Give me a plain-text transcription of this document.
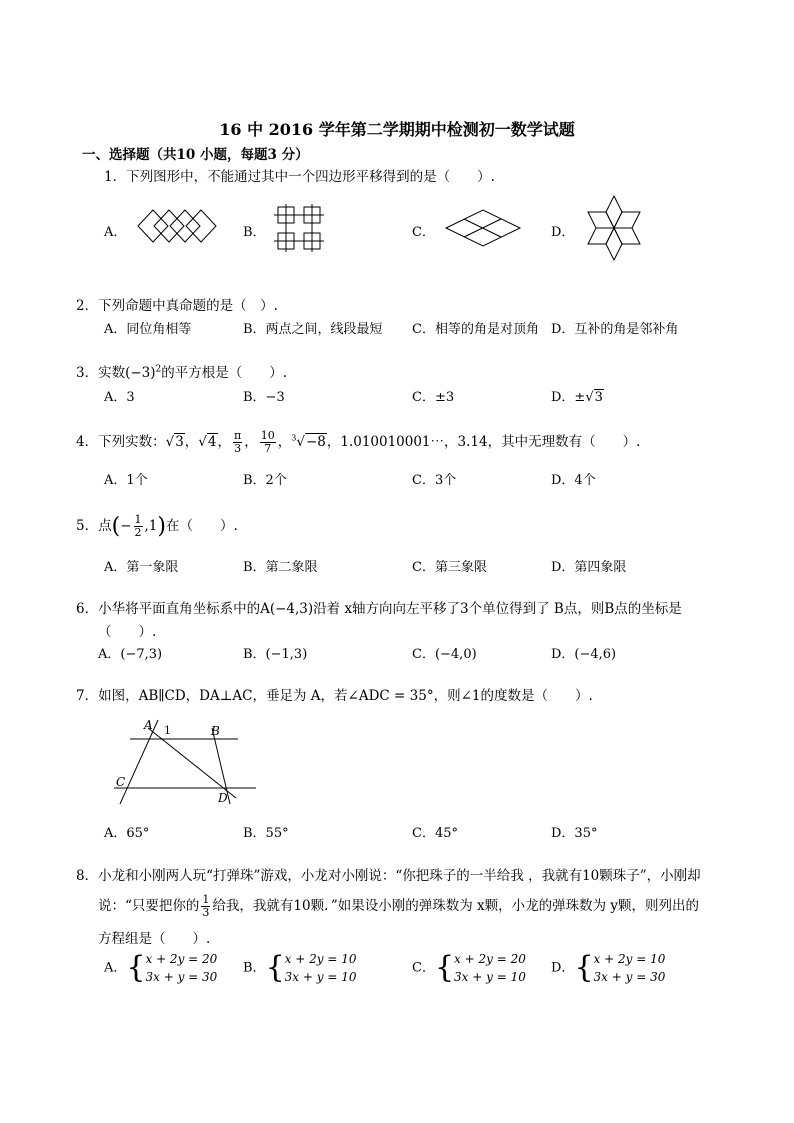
16 中 2016 学年第二学期期中检测初一数学试题
一、选择题（共10 小题，每题3 分）
1．下列图形中，不能通过其中一个四边形平移得到的是（　　）.
A．	B．	C．	D．
2．下列命题中真命题的是（　）.
A．同位角相等	B．两点之间，线段最短 C．相等的角是对顶角 D．互补的角是邻补角
3．实数$(-3)^2$的平方根是（　　）.
A．3	B．−3	C．±3	D．±√3
4．下列实数：√3，√4， $\frac{\pi}{3}$ ， $\frac{10}{7}$ ，$^3$√−8，1.010010001⋯，3.14，其中无理数有（　　）.
A．1个	B．2个	C．3个	D．4个
5．点(− $\frac{1}{2} ,1$)在（　　）.
A．第一象限	B．第二象限	C．第三象限	D．第四象限
6．小华将平面直角坐标系中的A(−4,3)沿着 x轴方向向左平移了3个单位得到了 B点，则B点的坐标是
（　　）.
A．(−7,3)	B．(−1,3)	C．(−4,0)	D．(−4,6)
7．如图，AB∥CD，DA⊥AC，垂足为 A，若∠ADC = 35°，则∠1的度数是（　　）.
A 1	B
C
D
A．65°	B．55°	C．45°	D．35°
8．小龙和小刚两人玩“打弹珠”游戏，小龙对小刚说：“你把珠子的一半给我 ，我就有10颗珠子”，小刚却
说：“只要把你的 $\frac{1}{3}$ 给我，我就有10颗．”如果设小刚的弹珠数为 x颗，小龙的弹珠数为 y颗，则列出的
方程组是（　　）.
A．{ x + 2y = 20
3x + y = 30
B．{ x + 2y = 10
3x + y = 10
C．{ x + 2y = 20
3x + y = 10
D．{ x + 2y = 10
3x + y = 30
